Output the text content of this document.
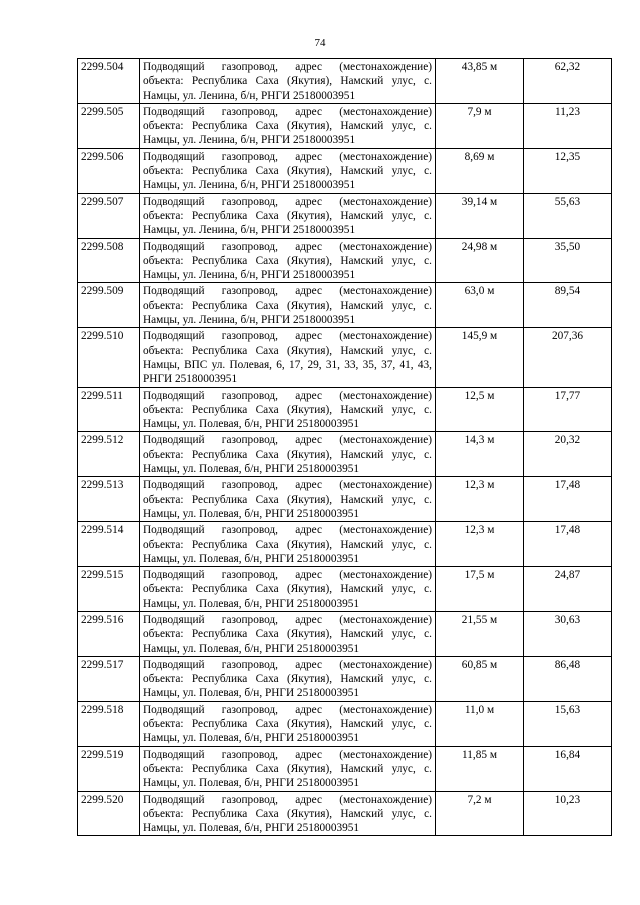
74
2299.504	Подводящий газопровод, адрес (местонахождение) объекта: Республика Саха (Якутия), Намский улус, с. Намцы, ул. Ленина, б/н, РНГИ 25180003951	43,85 м	62,32
2299.505	Подводящий газопровод, адрес (местонахождение) объекта: Республика Саха (Якутия), Намский улус, с. Намцы, ул. Ленина, б/н, РНГИ 25180003951	7,9 м	11,23
2299.506	Подводящий газопровод, адрес (местонахождение) объекта: Республика Саха (Якутия), Намский улус, с. Намцы, ул. Ленина, б/н, РНГИ 25180003951	8,69 м	12,35
2299.507	Подводящий газопровод, адрес (местонахождение) объекта: Республика Саха (Якутия), Намский улус, с. Намцы, ул. Ленина, б/н, РНГИ 25180003951	39,14 м	55,63
2299.508	Подводящий газопровод, адрес (местонахождение) объекта: Республика Саха (Якутия), Намский улус, с. Намцы, ул. Ленина, б/н, РНГИ 25180003951	24,98 м	35,50
2299.509	Подводящий газопровод, адрес (местонахождение) объекта: Республика Саха (Якутия), Намский улус, с. Намцы, ул. Ленина, б/н, РНГИ 25180003951	63,0 м	89,54
2299.510	Подводящий газопровод, адрес (местонахождение) объекта: Республика Саха (Якутия), Намский улус, с. Намцы, ВПС ул. Полевая, 6, 17, 29, 31, 33, 35, 37, 41, 43, РНГИ 25180003951	145,9 м	207,36
2299.511	Подводящий газопровод, адрес (местонахождение) объекта: Республика Саха (Якутия), Намский улус, с. Намцы, ул. Полевая, б/н, РНГИ 25180003951	12,5 м	17,77
2299.512	Подводящий газопровод, адрес (местонахождение) объекта: Республика Саха (Якутия), Намский улус, с. Намцы, ул. Полевая, б/н, РНГИ 25180003951	14,3 м	20,32
2299.513	Подводящий газопровод, адрес (местонахождение) объекта: Республика Саха (Якутия), Намский улус, с. Намцы, ул. Полевая, б/н, РНГИ 25180003951	12,3 м	17,48
2299.514	Подводящий газопровод, адрес (местонахождение) объекта: Республика Саха (Якутия), Намский улус, с. Намцы, ул. Полевая, б/н, РНГИ 25180003951	12,3 м	17,48
2299.515	Подводящий газопровод, адрес (местонахождение) объекта: Республика Саха (Якутия), Намский улус, с. Намцы, ул. Полевая, б/н, РНГИ 25180003951	17,5 м	24,87
2299.516	Подводящий газопровод, адрес (местонахождение) объекта: Республика Саха (Якутия), Намский улус, с. Намцы, ул. Полевая, б/н, РНГИ 25180003951	21,55 м	30,63
2299.517	Подводящий газопровод, адрес (местонахождение) объекта: Республика Саха (Якутия), Намский улус, с. Намцы, ул. Полевая, б/н, РНГИ 25180003951	60,85 м	86,48
2299.518	Подводящий газопровод, адрес (местонахождение) объекта: Республика Саха (Якутия), Намский улус, с. Намцы, ул. Полевая, б/н, РНГИ 25180003951	11,0 м	15,63
2299.519	Подводящий газопровод, адрес (местонахождение) объекта: Республика Саха (Якутия), Намский улус, с. Намцы, ул. Полевая, б/н, РНГИ 25180003951	11,85 м	16,84
2299.520	Подводящий газопровод, адрес (местонахождение) объекта: Республика Саха (Якутия), Намский улус, с. Намцы, ул. Полевая, б/н, РНГИ 25180003951	7,2 м	10,23
